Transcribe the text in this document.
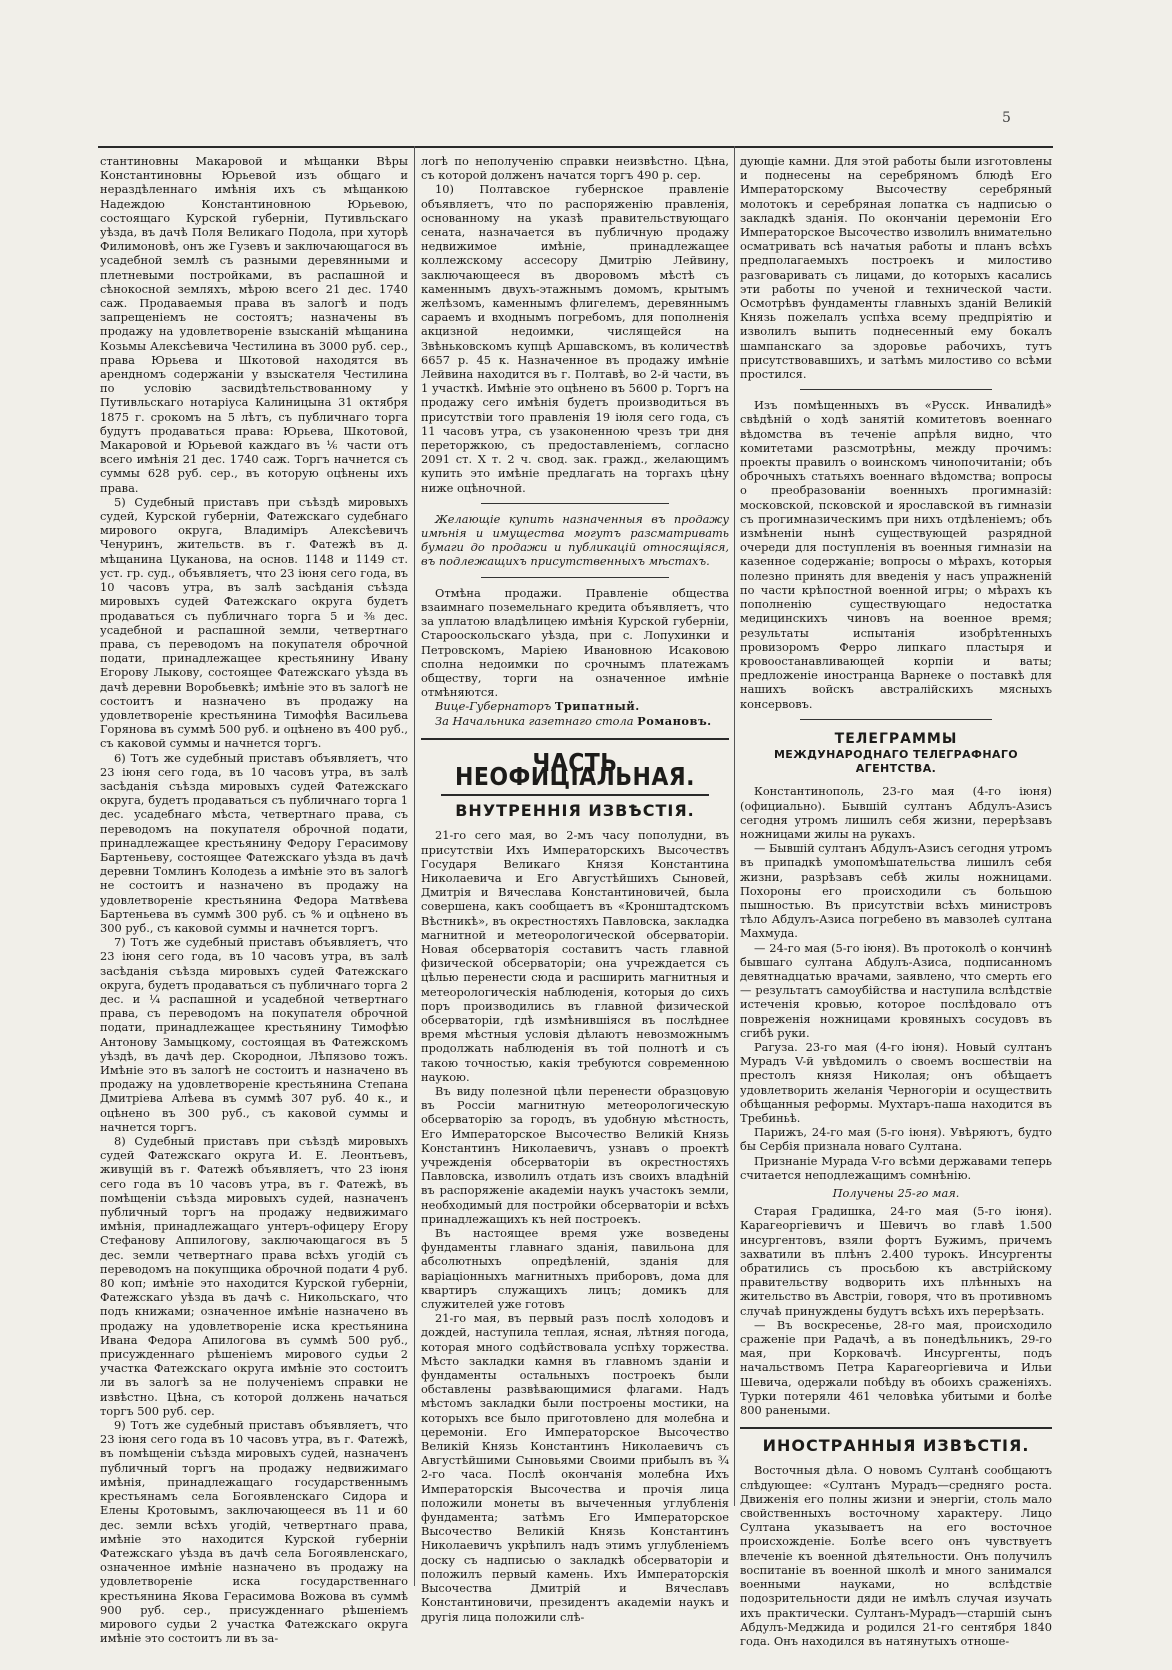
5

стантиновны Макаровой и мѣщанки Вѣры Константиновны Юрьевой изъ общаго и нераздѣленнаго имѣнія ихъ съ мѣщанкою Надеждою Константиновною Юрьевою, состоящаго Курской губерніи, Путивльскаго уѣзда, въ дачѣ Поля Великаго Подола, при хуторѣ Филимоновѣ, онъ же Гузевъ и заключающагося въ усадебной землѣ съ разными деревянными и плетневыми постройками, въ распашной и сѣнокосной земляхъ, мѣрою всего 21 дес. 1740 саж. Продаваемыя права въ залогѣ и подъ запрещеніемъ не состоятъ; назначены въ продажу на удовлетвореніе взысканій мѣщанина Козьмы Алексѣевича Честилина въ 3000 руб. сер., права Юрьева и Шкотовой находятся въ арендномъ содержаніи у взыскателя Честилина по условію засвидѣтельствованному у Путивльскаго нотаріуса Калиницына 31 октября 1875 г. срокомъ на 5 лѣтъ, съ публичнаго торга будутъ продаваться права: Юрьева, Шкотовой, Макаровой и Юрьевой каждаго въ ⅙ части отъ всего имѣнія 21 дес. 1740 саж. Торгъ начнется съ суммы 628 руб. сер., въ которую оцѣнены ихъ права.

5) Судебный приставъ при съѣздѣ мировыхъ судей, Курской губерніи, Фатежскаго судебнаго мирового округа, Владиміръ Алексѣевичъ Ченуринъ, жительств. въ г. Фатежѣ въ д. мѣщанина Цуканова, на основ. 1148 и 1149 ст. уст. гр. суд., объявляетъ, что 23 іюня сего года, въ 10 часовъ утра, въ залѣ засѣданія съѣзда мировыхъ судей Фатежскаго округа будетъ продаваться съ публичнаго торга 5 и ⅜ дес. усадебной и распашной земли, четвертнаго права, съ переводомъ на покупателя оброчной подати, принадлежащее крестьянину Ивану Егорову Лыкову, состоящее Фатежскаго уѣзда въ дачѣ деревни Воробьевкѣ; имѣніе это въ залогѣ не состоитъ и назначено въ продажу на удовлетвореніе крестьянина Тимофѣя Васильева Горянова въ суммѣ 500 руб. и оцѣнено въ 400 руб., съ каковой суммы и начнется торгъ.

6) Тотъ же судебный приставъ объявляетъ, что 23 іюня сего года, въ 10 часовъ утра, въ залѣ засѣданія съѣзда мировыхъ судей Фатежскаго округа, будетъ продаваться съ публичнаго торга 1 дес. усадебнаго мѣста, четвертнаго права, съ переводомъ на покупателя оброчной подати, принадлежащее крестьянину Федору Герасимову Бартеньеву, состоящее Фатежскаго уѣзда въ дачѣ деревни Томлинъ Колодезь а имѣніе это въ залогѣ не состоитъ и назначено въ продажу на удовлетвореніе крестьянина Федора Матвѣева Бартеньева въ суммѣ 300 руб. съ % и оцѣнено въ 300 руб., съ каковой суммы и начнется торгъ.

7) Тотъ же судебный приставъ объявляетъ, что 23 іюня сего года, въ 10 часовъ утра, въ залѣ засѣданія съѣзда мировыхъ судей Фатежскаго округа, будетъ продаваться съ публичнаго торга 2 дес. и ¼ распашной и усадебной четвертнаго права, съ переводомъ на покупателя оброчной подати, принадлежащее крестьянину Тимофѣю Антонову Замыцкому, состоящая въ Фатежскомъ уѣздѣ, въ дачѣ дер. Скороднои, Лѣпязово тожъ. Имѣніе это въ залогѣ не состоитъ и назначено въ продажу на удовлетвореніе крестьянина Степана Дмитріева Алѣева въ суммѣ 307 руб. 40 к., и оцѣнено въ 300 руб., съ каковой суммы и начнется торгъ.

8) Судебный приставъ при съѣздѣ мировыхъ судей Фатежскаго округа И. Е. Леонтьевъ, живущій въ г. Фатежѣ объявляетъ, что 23 іюня сего года въ 10 часовъ утра, въ г. Фатежѣ, въ помѣщеніи съѣзда мировыхъ судей, назначенъ публичный торгъ на продажу недвижимаго имѣнія, принадлежащаго унтеръ-офицеру Егору Стефанову Аппилогову, заключающагося въ 5 дес. земли четвертнаго права всѣхъ угодій съ переводомъ на покупщика оброчной подати 4 руб. 80 коп; имѣніе это находится Курской губерніи, Фатежскаго уѣзда въ дачѣ с. Никольскаго, что подъ книжами; означенное имѣніе назначено въ продажу на удовлетвореніе иска крестьянина Ивана Федора Апилогова въ суммѣ 500 руб., присужденнаго рѣшеніемъ мирового судьи 2 участка Фатежскаго округа имѣніе это состоитъ ли въ залогѣ за не полученіемъ справки не извѣстно. Цѣна, съ которой должень начаться торгъ 500 руб. сер.

9) Тотъ же судебный приставъ объявляетъ, что 23 іюня сего года въ 10 часовъ утра, въ г. Фатежѣ, въ помѣщеніи съѣзда мировыхъ судей, назначенъ публичный торгъ на продажу недвижимаго имѣнія, принадлежащаго государственнымъ крестьянамъ села Богоявленскаго Сидора и Елены Кротовымъ, заключающееся въ 11 и 60 дес. земли всѣхъ угодій, четвертнаго права, имѣніе это находится Курской губерніи Фатежскаго уѣзда въ дачѣ села Богоявленскаго, означенное имѣніе назначено въ продажу на удовлетвореніе иска государственнаго крестьянина Якова Герасимова Вожова въ суммѣ 900 руб. сер., присужденнаго рѣшеніемъ мирового судьи 2 участка Фатежскаго округа имѣніе это состоитъ ли въ за-

логѣ по неполученію справки неизвѣстно. Цѣна, съ которой долженъ начатся торгъ 490 р. сер.

10) Полтавское губернское правленіе объявляетъ, что по распоряженію правленія, основанному на указѣ правительствующаго сената, назначается въ публичную продажу недвижимое имѣніе, принадлежащее коллежскому ассесору Дмитрію Лейвину, заключающееся въ дворовомъ мѣстѣ съ каменнымъ двухъ-этажнымъ домомъ, крытымъ желѣзомъ, каменнымъ флигелемъ, деревяннымъ сараемъ и входнымъ погребомъ, для пополненія акцизной недоимки, числящейся на Звѣньковскомъ купцѣ Аршавскомъ, въ количествѣ 6657 р. 45 к. Назначенное въ продажу имѣніе Лейвина находится въ г. Полтавѣ, во 2-й части, въ 1 участкѣ. Имѣніе это оцѣнено въ 5600 р. Торгъ на продажу сего имѣнія будетъ производиться въ присутствіи того правленія 19 іюля сего года, съ 11 часовъ утра, съ узаконенною чрезъ три дня переторжкою, съ предоставленіемъ, согласно 2091 ст. Х т. 2 ч. свод. зак. гражд., желающимъ купить это имѣніе предлагать на торгахъ цѣну ниже оцѣночной.

Желающіе купить назначенныя въ продажу имѣнія и имущества могутъ разсматривать бумаги до продажи и публикацій относящіяся, въ подлежащихъ присутственныхъ мѣстахъ.

Отмѣна продажи. Правленіе общества взаимнаго поземельнаго кредита объявляетъ, что за уплатою владѣлицею имѣнія Курской губерніи, Старооскольскаго уѣзда, при с. Лопухинки и Петровскомъ, Маріею Ивановною Исаковою сполна недоимки по срочнымъ платежамъ обществу, торги на означенное имѣніе отмѣняются.

Вице-Губернаторъ Трипатный.

За Начальника газетнаго стола Романовъ.

ЧАСТЬ НЕОФИЦІАЛЬНАЯ.
ВНУТРЕННІЯ ИЗВѢСТІЯ.

21-го сего мая, во 2-мъ часу пополудни, въ присутствіи Ихъ Императорскихъ Высочествъ Государя Великаго Князя Константина Николаевича и Его Августѣйшихъ Сыновей, Дмитрія и Вячеслава Константиновичей, была совершена, какъ сообщаетъ въ «Кронштадтскомъ Вѣстникѣ», въ окрестностяхъ Павловска, закладка магнитной и метеорологической обсерваторіи. Новая обсерваторія составитъ часть главной физической обсерваторіи; она учреждается съ цѣлью перенести сюда и расширить магнитныя и метеорологическія наблюденія, которыя до сихъ поръ производились въ главной физической обсерваторіи, гдѣ измѣнившіяся въ послѣднее время мѣстныя условія дѣлаютъ невозможнымъ продолжать наблюденія въ той полнотѣ и съ такою точностью, какія требуются современною наукою.

Въ виду полезной цѣли перенести образцовую въ Россіи магнитную метеорологическую обсерваторію за городъ, въ удобную мѣстность, Его Императорское Высочество Великій Князь Константинъ Николаевичъ, узнавъ о проектѣ учрежденія обсерваторіи въ окрестностяхъ Павловска, изволилъ отдать изъ своихъ владѣній въ распоряженіе академіи наукъ участокъ земли, необходимый для постройки обсерваторіи и всѣхъ принадлежащихъ къ ней построекъ.

Въ настоящее время уже возведены фундаменты главнаго зданія, павильона для абсолютныхъ опредѣленій, зданія для варіаціонныхъ магнитныхъ приборовъ, дома для квартиръ служащихъ лицъ; домикъ для служителей уже готовъ

21-го мая, въ первый разъ послѣ холодовъ и дождей, наступила теплая, ясная, лѣтняя погода, которая много содѣйствовала успѣху торжества. Мѣсто закладки камня въ главномъ зданіи и фундаменты остальныхъ построекъ были обставлены развѣвающимися флагами. Надъ мѣстомъ закладки были построены мостики, на которыхъ все было приготовлено для молебна и церемоніи. Его Императорское Высочество Великій Князь Константинъ Николаевичъ съ Августѣйшими Сыновьями Своими прибылъ въ ¾ 2-го часа. Послѣ окончанія молебна Ихъ Императорскія Высочества и прочія лица положили монеты въ вычеченныя углубленія фундамента; затѣмъ Его Императорское Высочество Великій Князь Константинъ Николаевичъ укрѣпилъ надъ этимъ углубленіемъ доску съ надписью о закладкѣ обсерваторіи и положилъ первый камень. Ихъ Императорскія Высочества Дмитрій и Вячеславъ Константиновичи, президентъ академіи наукъ и другія лица положили слѣ-

дующіе камни. Для этой работы были изготовлены и поднесены на серебряномъ блюдѣ Его Императорскому Высочеству серебряный молотокъ и серебряная лопатка съ надписью о закладкѣ зданія. По окончаніи церемоніи Его Императорское Высочество изволилъ внимательно осматривать всѣ начатыя работы и планъ всѣхъ предполагаемыхъ построекъ и милостиво разговаривать съ лицами, до которыхъ касались эти работы по ученой и технической части. Осмотрѣвъ фундаменты главныхъ зданій Великій Князь пожелалъ успѣха всему предпріятію и изволилъ выпить поднесенный ему бокалъ шампанскаго за здоровье рабочихъ, тутъ присутствовавшихъ, и затѣмъ милостиво со всѣми простился.

Изъ помѣщенныхъ въ «Русск. Инвалидѣ» свѣдѣній о ходѣ занятій комитетовъ военнаго вѣдомства въ теченіе апрѣля видно, что комитетами разсмотрѣны, между прочимъ: проекты правилъ о воинскомъ чинопочитаніи; объ оброчныхъ статьяхъ военнаго вѣдомства; вопросы о преобразованіи военныхъ прогимназій: московской, псковской и ярославской въ гимназіи съ прогимназическимъ при нихъ отдѣленіемъ; объ измѣненіи нынѣ существующей разрядной очереди для поступленія въ военныя гимназіи на казенное содержаніе; вопросы о мѣрахъ, которыя полезно принять для введенія у насъ упражненій по части крѣпостной военной игры; о мѣрахъ къ пополненію существующаго недостатка медицинскихъ чиновъ на военное время; результаты испытанія изобрѣтенныхъ провизоромъ Ферро липкаго пластыря и кровоостанавливающей корпіи и ваты; предложеніе иностранца Варнеке о поставкѣ для нашихъ войскъ австралійскихъ мясныхъ консервовъ.

ТЕЛЕГРАММЫ
МЕЖДУНАРОДНАГО ТЕЛЕГРАФНАГО АГЕНТСТВА.

Константинополь, 23-го мая (4-го іюня) (официально). Бывшій султанъ Абдулъ-Азисъ сегодня утромъ лишилъ себя жизни, перерѣзавъ ножницами жилы на рукахъ.

— Бывшій султанъ Абдулъ-Азисъ сегодня утромъ въ припадкѣ умопомѣшательства лишилъ себя жизни, разрѣзавъ себѣ жилы ножницами. Похороны его происходили съ большою пышностью. Въ присутствіи всѣхъ министровъ тѣло Абдулъ-Азиса погребено въ мавзолеѣ султана Махмуда.

— 24-го мая (5-го іюня). Въ протоколѣ о кончинѣ бывшаго султана Абдулъ-Азиса, подписанномъ девятнадцатью врачами, заявлено, что смерть его — результатъ самоубійства и наступила вслѣдствіе истеченія кровью, которое послѣдовало отъ повреженія ножницами кровяныхъ сосудовъ въ сгибѣ руки.

Рагуза. 23-го мая (4-го іюня). Новый султанъ Мурадъ V-й увѣдомилъ о своемъ восшествіи на престолъ князя Николая; онъ обѣщаетъ удовлетворить желанія Черногоріи и осуществить обѣщанныя реформы. Мухтаръ-паша находится въ Требиньѣ.

Парижъ, 24-го мая (5-го іюня). Увѣряютъ, будто бы Сербія признала новаго Султана.

Признаніе Мурада V-го всѣми державами теперь считается неподлежащимъ сомнѣнію.

Получены 25-го мая.

Старая Градишка, 24-го мая (5-го іюня). Карагеоргіевичъ и Шевичъ во главѣ 1.500 инсургентовъ, взяли фортъ Бужимъ, причемъ захватили въ плѣнъ 2.400 турокъ. Инсургенты обратились съ просьбою къ австрійскому правительству водворить ихъ плѣнныхъ на жительство въ Австріи, говоря, что въ противномъ случаѣ принуждены будутъ всѣхъ ихъ перерѣзать.

— Въ воскресенье, 28-го мая, происходило сраженіе при Радачѣ, а въ понедѣльникъ, 29-го мая, при Корковачѣ. Инсургенты, подъ начальствомъ Петра Карагеоргіевича и Ильи Шевича, одержали побѣду въ обоихъ сраженіяхъ. Турки потеряли 461 человѣка убитыми и болѣе 800 ранеными.

ИНОСТРАННЫЯ ИЗВѢСТІЯ.

Восточныя дѣла. О новомъ Султанѣ сообщаютъ слѣдующее: «Султанъ Мурадъ—средняго роста. Движенія его полны жизни и энергіи, столь мало свойственныхъ восточному характеру. Лицо Султана указываетъ на его восточное происхожденіе. Болѣе всего онъ чувствуетъ влеченіе къ военной дѣятельности. Онъ получилъ воспитаніе въ военной школѣ и много занимался военными науками, но вслѣдствіе подозрительности дяди не имѣлъ случая изучать ихъ практически. Султанъ-Мурадъ—старшій сынъ Абдулъ-Меджида и родился 21-го сентября 1840 года. Онъ находился въ натянутыхъ отноше-
